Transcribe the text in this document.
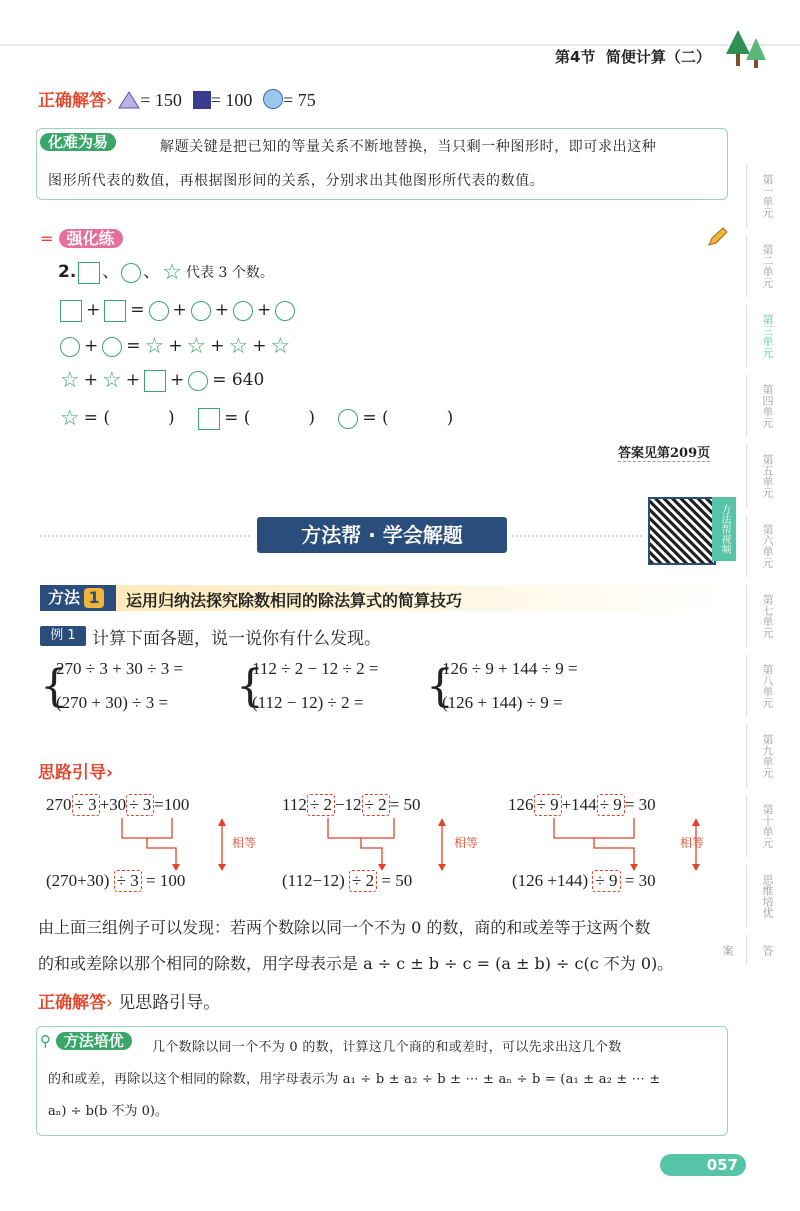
第4节 简便计算（二）
正确解答› = 150 = 100 = 75
化难为易	解题关键是把已知的等量关系不断地替换，当只剩一种图形时，即可求出这种
图形所代表的数值，再根据图形间的关系，分别求出其他图形所代表的数值。
= 强化练
2. 、 、☆ 代表 3 个数。
+ = + + +
+ = ☆ + ☆ + ☆ + ☆
☆ + ☆ + + = 640
☆ = (	)	= (	)	= (	)
答案见第209页
方法帮 · 学会解题	方法帮视频
方法 1	运用归纳法探究除数相同的除法算式的简算技巧
例 1 计算下面各题，说一说你有什么发现。
{
270 ÷ 3 + 30 ÷ 3 =
(270 + 30) ÷ 3 =	{
112 ÷ 2 − 12 ÷ 2 =
(112 − 12) ÷ 2 =	{
126 ÷ 9 + 144 ÷ 9 =
(126 + 144) ÷ 9 =
思路引导›
270 ÷ 3 +30 ÷ 3 =100
(270+30) ÷ 3 = 100
相等
112 ÷ 2 −12 ÷ 2 = 50
(112−12) ÷ 2 = 50
相等
126 ÷ 9 +144 ÷ 9 = 30
(126 +144) ÷ 9 = 30
相等
由上面三组例子可以发现：若两个数除以同一个不为 0 的数，商的和或差等于这两个数
的和或差除以那个相同的除数，用字母表示是 a ÷ c ± b ÷ c = (a ± b) ÷ c(c 不为 0)。
正确解答› 见思路引导。
⚲ 方法培优	几个数除以同一个不为 0 的数，计算这几个商的和或差时，可以先求出这几个数
的和或差，再除以这个相同的除数，用字母表示为 a₁ ÷ b ± a₂ ÷ b ± ⋯ ± aₙ ÷ b = (a₁ ± a₂ ± ⋯ ±
aₙ) ÷ b(b 不为 0)。
第一单元
第二单元
第三单元
第四单元
第五单元
第六单元
第七单元
第八单元
第九单元
第十单元
思维培优
答　案
057
